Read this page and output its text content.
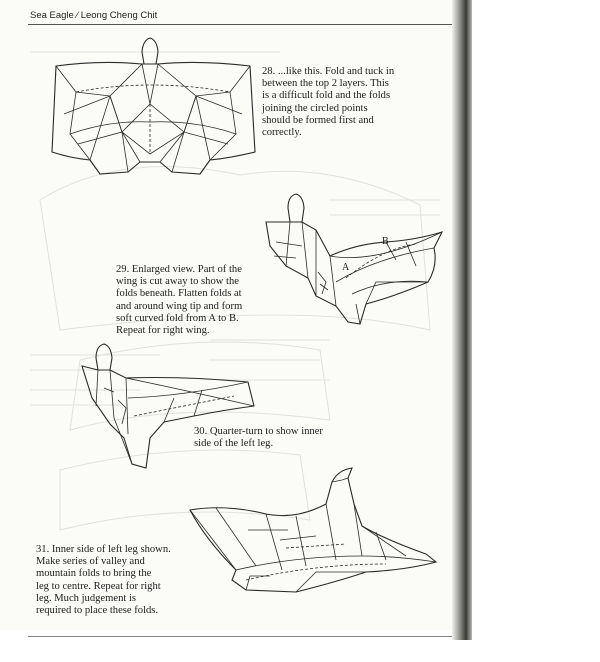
Sea Eagle ∕ Leong Cheng Chit
28. ...like this. Fold and tuck in
between the top 2 layers. This
is a difficult fold and the folds
joining the circled points
should be formed first and
correctly.
A
B
29. Enlarged view. Part of the
wing is cut away to show the
folds beneath. Flatten folds at
and around wing tip and form
soft curved fold from A to B.
Repeat for right wing.
30. Quarter-turn to show inner
side of the left leg.
31. Inner side of left leg shown.
Make series of valley and
mountain folds to bring the
leg to centre. Repeat for right
leg. Much judgement is
required to place these folds.
